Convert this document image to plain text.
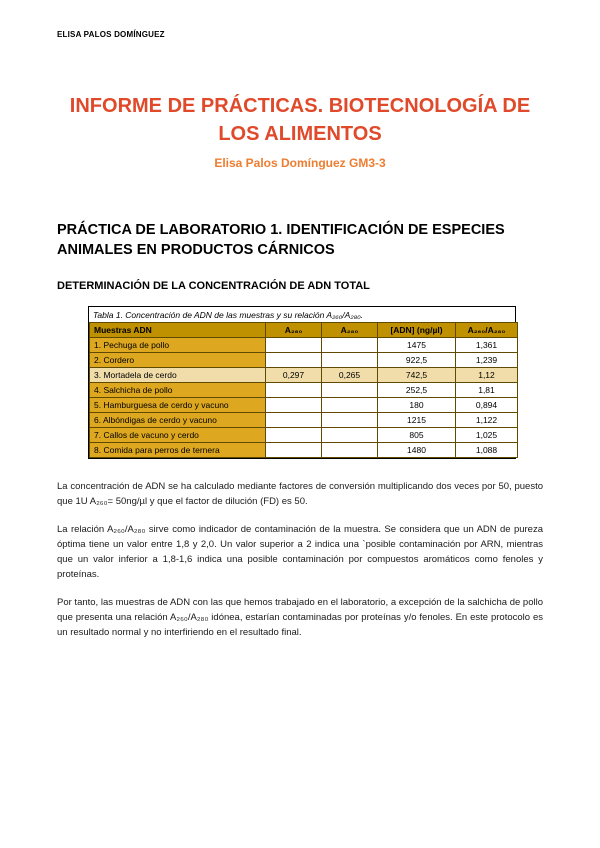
ELISA PALOS DOMÍNGUEZ
INFORME DE PRÁCTICAS. BIOTECNOLOGÍA DE LOS ALIMENTOS
Elisa Palos Domínguez GM3-3
PRÁCTICA DE LABORATORIO 1. IDENTIFICACIÓN DE ESPECIES ANIMALES EN PRODUCTOS CÁRNICOS
DETERMINACIÓN DE LA CONCENTRACIÓN DE ADN TOTAL
Tabla 1. Concentración de ADN de las muestras y su relación A₂₆₀/A₂₈₀.
Muestras ADN	A₂₆₀	A₂₈₀	[ADN] (ng/µl)	A₂₆₀/A₂₈₀
1. Pechuga de pollo			1475	1,361
2. Cordero			922,5	1,239
3. Mortadela de cerdo	0,297	0,265	742,5	1,12
4. Salchicha de pollo			252,5	1,81
5. Hamburguesa de cerdo y vacuno			180	0,894
6. Albóndigas de cerdo y vacuno			1215	1,122
7. Callos de vacuno y cerdo			805	1,025
8. Comida para perros de ternera			1480	1,088

La concentración de ADN se ha calculado mediante factores de conversión multiplicando dos veces por 50, puesto que 1U A₂₆₀= 50ng/µl y que el factor de dilución (FD) es 50.

La relación A₂₆₀/A₂₈₀ sirve como indicador de contaminación de la muestra. Se considera que un ADN de pureza óptima tiene un valor entre 1,8 y 2,0. Un valor superior a 2 indica una `posible contaminación por ARN, mientras que un valor inferior a 1,8-1,6 indica una posible contaminación por compuestos aromáticos como fenoles y proteínas.

Por tanto, las muestras de ADN con las que hemos trabajado en el laboratorio, a excepción de la salchicha de pollo que presenta una relación A₂₆₀/A₂₈₀ idónea, estarían contaminadas por proteínas y/o fenoles. En este protocolo es un resultado normal y no interfiriendo en el resultado final.
